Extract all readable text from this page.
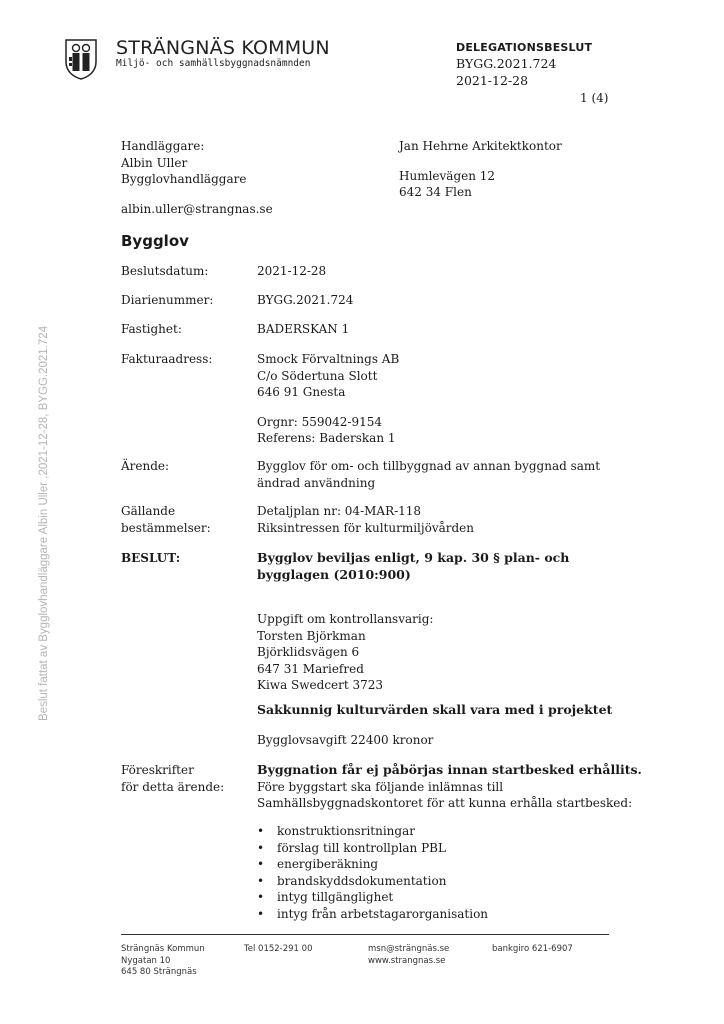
STRÄNGNÄS KOMMUN
Miljö- och samhällsbyggnadsnämnden
DELEGATIONSBESLUT
BYGG.2021.724
2021-12-28
1 (4)
Handläggare:
Albin Uller
Bygglovhandläggare
albin.uller@strangnas.se
Jan Hehrne Arkitektkontor
Humlevägen 12
642 34 Flen
Bygglov
Beslutsdatum:	2021-12-28
Diarienummer:	BYGG.2021.724
Fastighet:	BADERSKAN 1
Fakturaadress:	Smock Förvaltnings AB
C/o Södertuna Slott
646 91 Gnesta
Orgnr: 559042-9154
Referens: Baderskan 1
Ärende:	Bygglov för om- och tillbyggnad av annan byggnad samt
ändrad användning
Gällande
bestämmelser:
Detaljplan nr: 04-MAR-118
Riksintressen för kulturmiljövården
BESLUT:	Bygglov beviljas enligt, 9 kap. 30 § plan- och
bygglagen (2010:900)
Uppgift om kontrollansvarig:
Torsten Björkman
Björklidsvägen 6
647 31 Mariefred
Kiwa Swedcert 3723
Sakkunnig kulturvärden skall vara med i projektet
Bygglovsavgift 22400 kronor
Föreskrifter
för detta ärende:
Byggnation får ej påbörjas innan startbesked erhållits.
Före byggstart ska följande inlämnas till
Samhällsbyggnadskontoret för att kunna erhålla startbesked:
• konstruktionsritningar
• förslag till kontrollplan PBL
• energiberäkning
• brandskyddsdokumentation
• intyg tillgänglighet
• intyg från arbetstagarorganisation
Strängnäs Kommun
Nygatan 10
645 80 Strängnäs
Tel 0152-291 00	msn@strängnäs.se
www.strangnas.se
bankgiro 621-6907
Beslut fattat av Bygglovhandläggare Albin Uller ,2021-12-28, BYGG.2021.724
